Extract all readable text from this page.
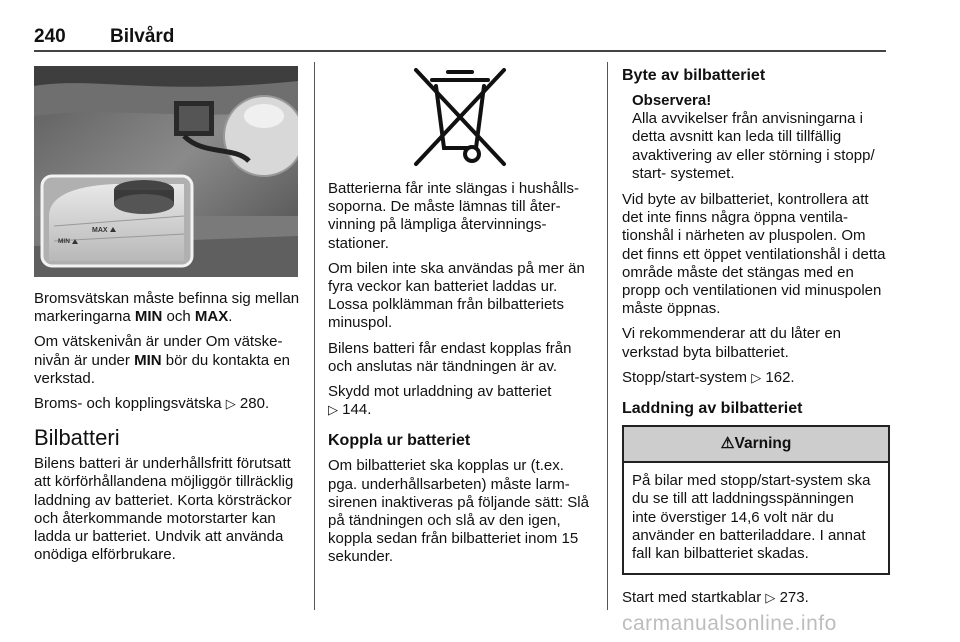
240 Bilvård
MAX
MIN

Bromsvätskan måste befinna sig mellan markeringarna MIN och MAX.

Om vätskenivån är under Om vätskenivån är under MIN bör du kontakta en verkstad.

Broms- och kopplingsvätska ▷ 280.

Bilbatteri

Bilens batteri är underhållsfritt förutsatt att körförhållandena möjliggör tillräcklig laddning av batteriet. Korta körsträckor och återkommande motorstarter kan ladda ur batteriet. Undvik att använda onödiga elförbrukare.

Batterierna får inte slängas i hushållssoporna. De måste lämnas till återvinning på lämpliga återvinningsstationer.

Om bilen inte ska användas på mer än fyra veckor kan batteriet laddas ur. Lossa polklämman från bilbatteriets minuspol.

Bilens batteri får endast kopplas från och anslutas när tändningen är av.

Skydd mot urladdning av batteriet
▷ 144.

Koppla ur batteriet

Om bilbatteriet ska kopplas ur (t.ex. pga. underhållsarbeten) måste larmsirenen inaktiveras på följande sätt: Slå på tändningen och slå av den igen, koppla sedan från bilbatteriet inom 15 sekunder.

Byte av bilbatteriet
Observera!
Alla avvikelser från anvisningarna i detta avsnitt kan leda till tillfällig avaktivering av eller störning i stopp/ start- systemet.

Vid byte av bilbatteriet, kontrollera att det inte finns några öppna ventilationshål i närheten av pluspolen. Om det finns ett öppet ventilationshål i detta område måste det stängas med en propp och ventilationen vid minuspolen måste öppnas.

Vi rekommenderar att du låter en verkstad byta bilbatteriet.

Stopp/start-system ▷ 162.

Laddning av bilbatteriet
⚠Varning
På bilar med stopp/start-system ska du se till att laddningsspänningen inte överstiger 14,6 volt när du använder en batteriladdare. I annat fall kan bilbatteriet skadas.

Start med startkablar ▷ 273.

carmanualsonline.info
